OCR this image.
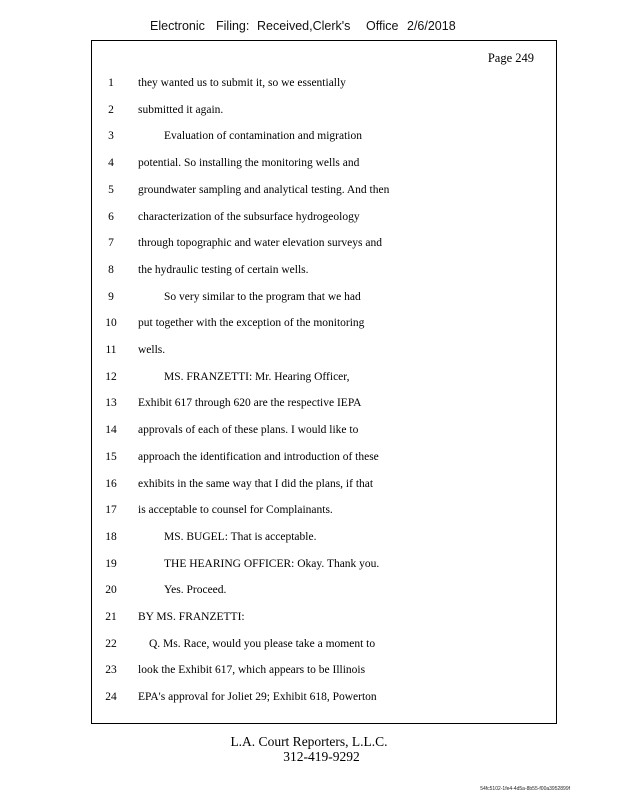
Electronic Filing: Received,Clerk's Office 2/6/2018
Page 249
1	they wanted us to submit it, so we essentially
2	submitted it again.
3	Evaluation of contamination and migration
4	potential. So installing the monitoring wells and
5	groundwater sampling and analytical testing. And then
6	characterization of the subsurface hydrogeology
7	through topographic and water elevation surveys and
8	the hydraulic testing of certain wells.
9	So very similar to the program that we had
10	put together with the exception of the monitoring
11	wells.
12	MS. FRANZETTI: Mr. Hearing Officer,
13	Exhibit 617 through 620 are the respective IEPA
14	approvals of each of these plans. I would like to
15	approach the identification and introduction of these
16	exhibits in the same way that I did the plans, if that
17	is acceptable to counsel for Complainants.
18	MS. BUGEL: That is acceptable.
19	THE HEARING OFFICER: Okay. Thank you.
20	Yes. Proceed.
21	BY MS. FRANZETTI:
22	Q. Ms. Race, would you please take a moment to
23	look the Exhibit 617, which appears to be Illinois
24	EPA's approval for Joliet 29; Exhibit 618, Powerton
L.A. Court Reporters, L.L.C.
312-419-9292
54fc5102-1fe4-4d5a-8b55-f00a3952899f
